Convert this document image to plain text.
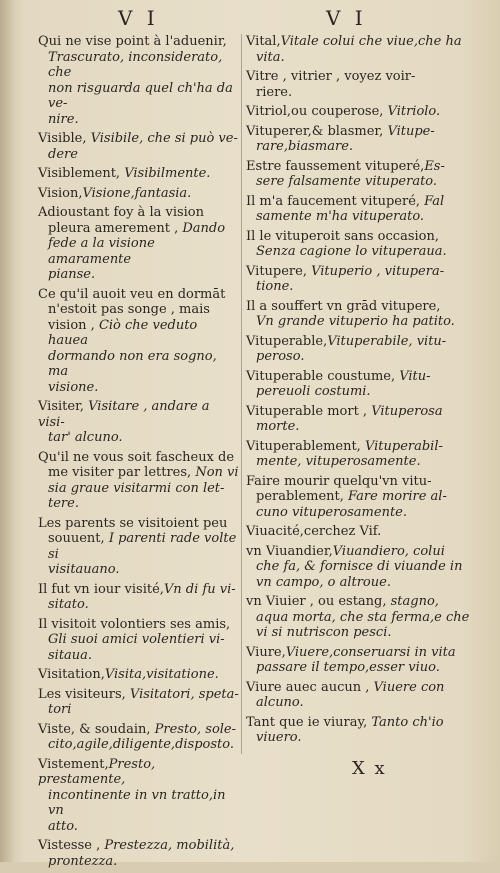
V I	V I
Qui ne vise point à l'aduenir,
Trascurato, inconsiderato, che
non risguarda quel ch'ha da ve-
nire.
Visible, Visibile, che si può ve-
dere
Visiblement, Visibilmente.
Vision,Visione,fantasia.
Adioustant foy à la vision
pleura amerement , Dando
fede a la visione amaramente
pianse.
Ce qu'il auoit veu en dormāt
n'estoit pas songe , mais
vision , Ciò che veduto hauea
dormando non era sogno, ma
visione.
Visiter, Visitare , andare a visi-
tar' alcuno.
Qu'il ne vous soit fascheux de
me visiter par lettres, Non vi
sia graue visitarmi con let-
tere.
Les parents se visitoient peu
souuent, I parenti rade volte si
visitauano.
Il fut vn iour visité,Vn di fu vi-
sitato.
Il visitoit volontiers ses amis,
Gli suoi amici volentieri vi-
sitaua.
Visitation,Visita,visitatione.
Les visiteurs, Visitatori, speta-
tori
Viste, & soudain, Presto, sole-
cito,agile,diligente,disposto.
Vistement,Presto, prestamente,
incontinente in vn tratto,in vn
atto.
Vistesse , Prestezza, mobilità,
prontezza.
Vital,Vitale colui che viue,che ha
vita.
Vitre , vitrier , voyez voir-
riere.
Vitriol,ou couperose, Vitriolo.
Vituperer,& blasmer, Vitupe-
rare,biasmare.
Estre faussement vituperé,Es-
sere falsamente vituperato.
Il m'a faucement vituperé, Fal
samente m'ha vituperato.
Il le vituperoit sans occasion,
Senza cagione lo vituperaua.
Vitupere, Vituperio , vitupera-
tione.
Il a souffert vn grād vitupere,
Vn grande vituperio ha patito.
Vituperable,Vituperabile, vitu-
peroso.
Vituperable coustume, Vitu-
pereuoli costumi.
Vituperable mort , Vituperosa
morte.
Vituperablement, Vituperabil-
mente, vituperosamente.
Faire mourir quelqu'vn vitu-
perablement, Fare morire al-
cuno vituperosamente.
Viuacité,cerchez Vif.
vn Viuandier,Viuandiero, colui
che fa, & fornisce di viuande in
vn campo, o altroue.
vn Viuier , ou estang, stagno,
aqua morta, che sta ferma,e che
vi si nutriscon pesci.
Viure,Viuere,conseruarsi in vita
passare il tempo,esser viuo.
Viure auec aucun , Viuere con
alcuno.
Tant que ie viuray, Tanto ch'io
viuero.
X x
